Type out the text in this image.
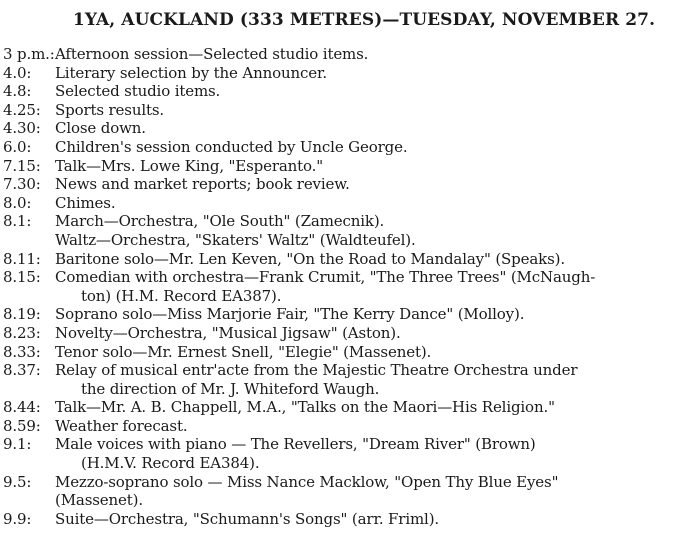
1YA, AUCKLAND (333 METRES)—TUESDAY, NOVEMBER 27.
3 p.m.: Afternoon session—Selected studio items.
4.0:	Literary selection by the Announcer.
4.8:	Selected studio items.
4.25: Sports results.
4.30: Close down.
6.0:	Children's session conducted by Uncle George.
7.15: Talk—Mrs. Lowe King, "Esperanto."
7.30: News and market reports; book review.
8.0:	Chimes.
8.1:	March—Orchestra, "Ole South" (Zamecnik).
Waltz—Orchestra, "Skaters' Waltz" (Waldteufel).
8.11: Baritone solo—Mr. Len Keven, "On the Road to Mandalay" (Speaks).
8.15: Comedian with orchestra—Frank Crumit, "The Three Trees" (McNaugh-
ton) (H.M. Record EA387).
8.19: Soprano solo—Miss Marjorie Fair, "The Kerry Dance" (Molloy).
8.23: Novelty—Orchestra, "Musical Jigsaw" (Aston).
8.33: Tenor solo—Mr. Ernest Snell, "Elegie" (Massenet).
8.37: Relay of musical entr'acte from the Majestic Theatre Orchestra under
the direction of Mr. J. Whiteford Waugh.
8.44: Talk—Mr. A. B. Chappell, M.A., "Talks on the Maori—His Religion."
8.59: Weather forecast.
9.1:	Male voices with piano — The Revellers, "Dream River" (Brown)
(H.M.V. Record EA384).
9.5:	Mezzo-soprano solo — Miss Nance Macklow, "Open Thy Blue Eyes"
(Massenet).
9.9:	Suite—Orchestra, "Schumann's Songs" (arr. Friml).
